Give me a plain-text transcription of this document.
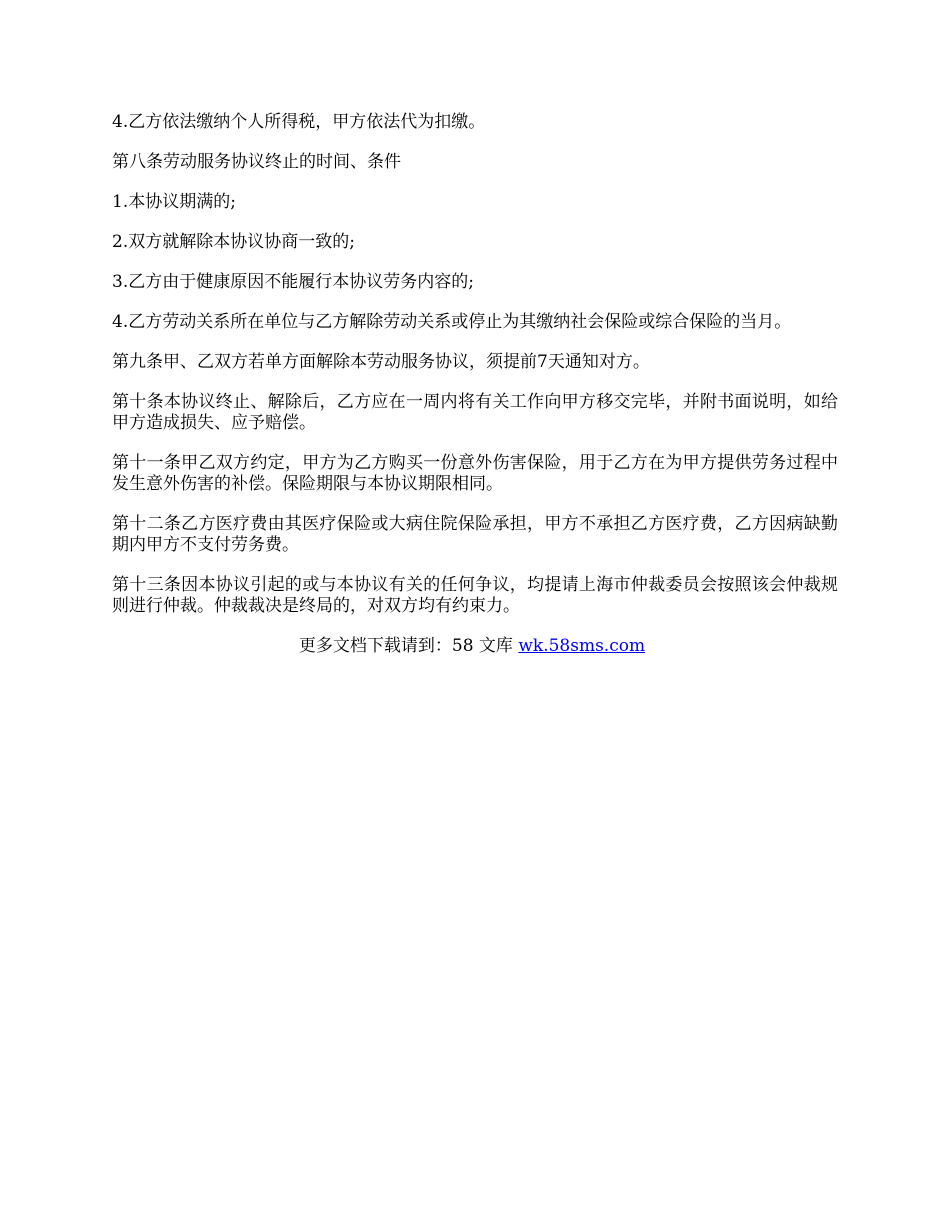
4.乙方依法缴纳个人所得税，甲方依法代为扣缴。

第八条劳动服务协议终止的时间、条件

1.本协议期满的;

2.双方就解除本协议协商一致的;

3.乙方由于健康原因不能履行本协议劳务内容的;

4.乙方劳动关系所在单位与乙方解除劳动关系或停止为其缴纳社会保险或综合保险的当月。

第九条甲、乙双方若单方面解除本劳动服务协议，须提前7天通知对方。

第十条本协议终止、解除后，乙方应在一周内将有关工作向甲方移交完毕，并附书面说明，如给甲方造成损失、应予赔偿。

第十一条甲乙双方约定，甲方为乙方购买一份意外伤害保险，用于乙方在为甲方提供劳务过程中发生意外伤害的补偿。保险期限与本协议期限相同。

第十二条乙方医疗费由其医疗保险或大病住院保险承担，甲方不承担乙方医疗费，乙方因病缺勤期内甲方不支付劳务费。

第十三条因本协议引起的或与本协议有关的任何争议，均提请上海市仲裁委员会按照该会仲裁规则进行仲裁。仲裁裁决是终局的，对双方均有约束力。

更多文档下载请到：58 文库 wk.58sms.com
